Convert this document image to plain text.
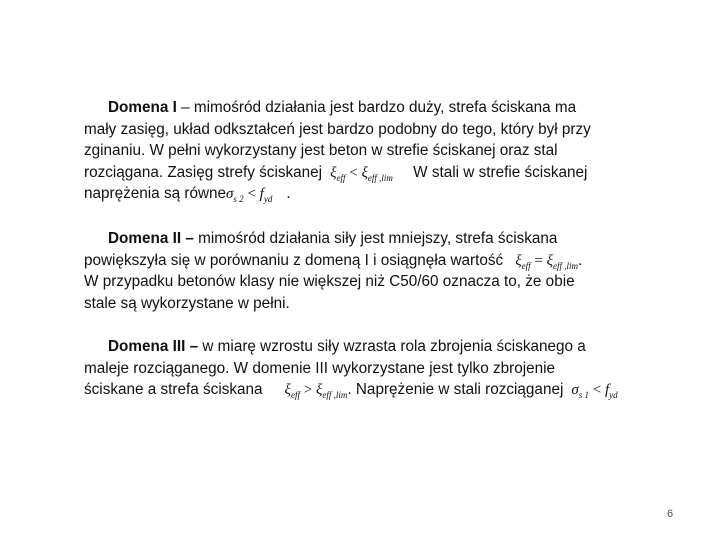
Domena I – mimośród działania jest bardzo duży, strefa ściskana ma
mały zasięg, układ odkształceń jest bardzo podobny do tego, który był przy
zginaniu. W pełni wykorzystany jest beton w strefie ściskanej oraz stal
rozciągana. Zasięg strefy ściskanej $\xi_{eff} < \xi_{eff ,lim}$ W stali w strefie ściskanej
naprężenia są równeσ$_{s 2}$ < $f_{yd}$ .
Domena II – mimośród działania siły jest mniejszy, strefa ściskana
powiększyła się w porównaniu z domeną I i osiągnęła wartość $\xi_{eff} = \xi_{eff ,lim}$.
W przypadku betonów klasy nie większej niż C50/60 oznacza to, że obie
stale są wykorzystane w pełni.
Domena III – w miarę wzrostu siły wzrasta rola zbrojenia ściskanego a
maleje rozciąganego. W domenie III wykorzystane jest tylko zbrojenie
ściskane a strefa ściskana $\xi_{eff} > \xi_{eff ,lim}$. Naprężenie w stali rozciąganej $\sigma_{s 1} < f_{yd}$
6
